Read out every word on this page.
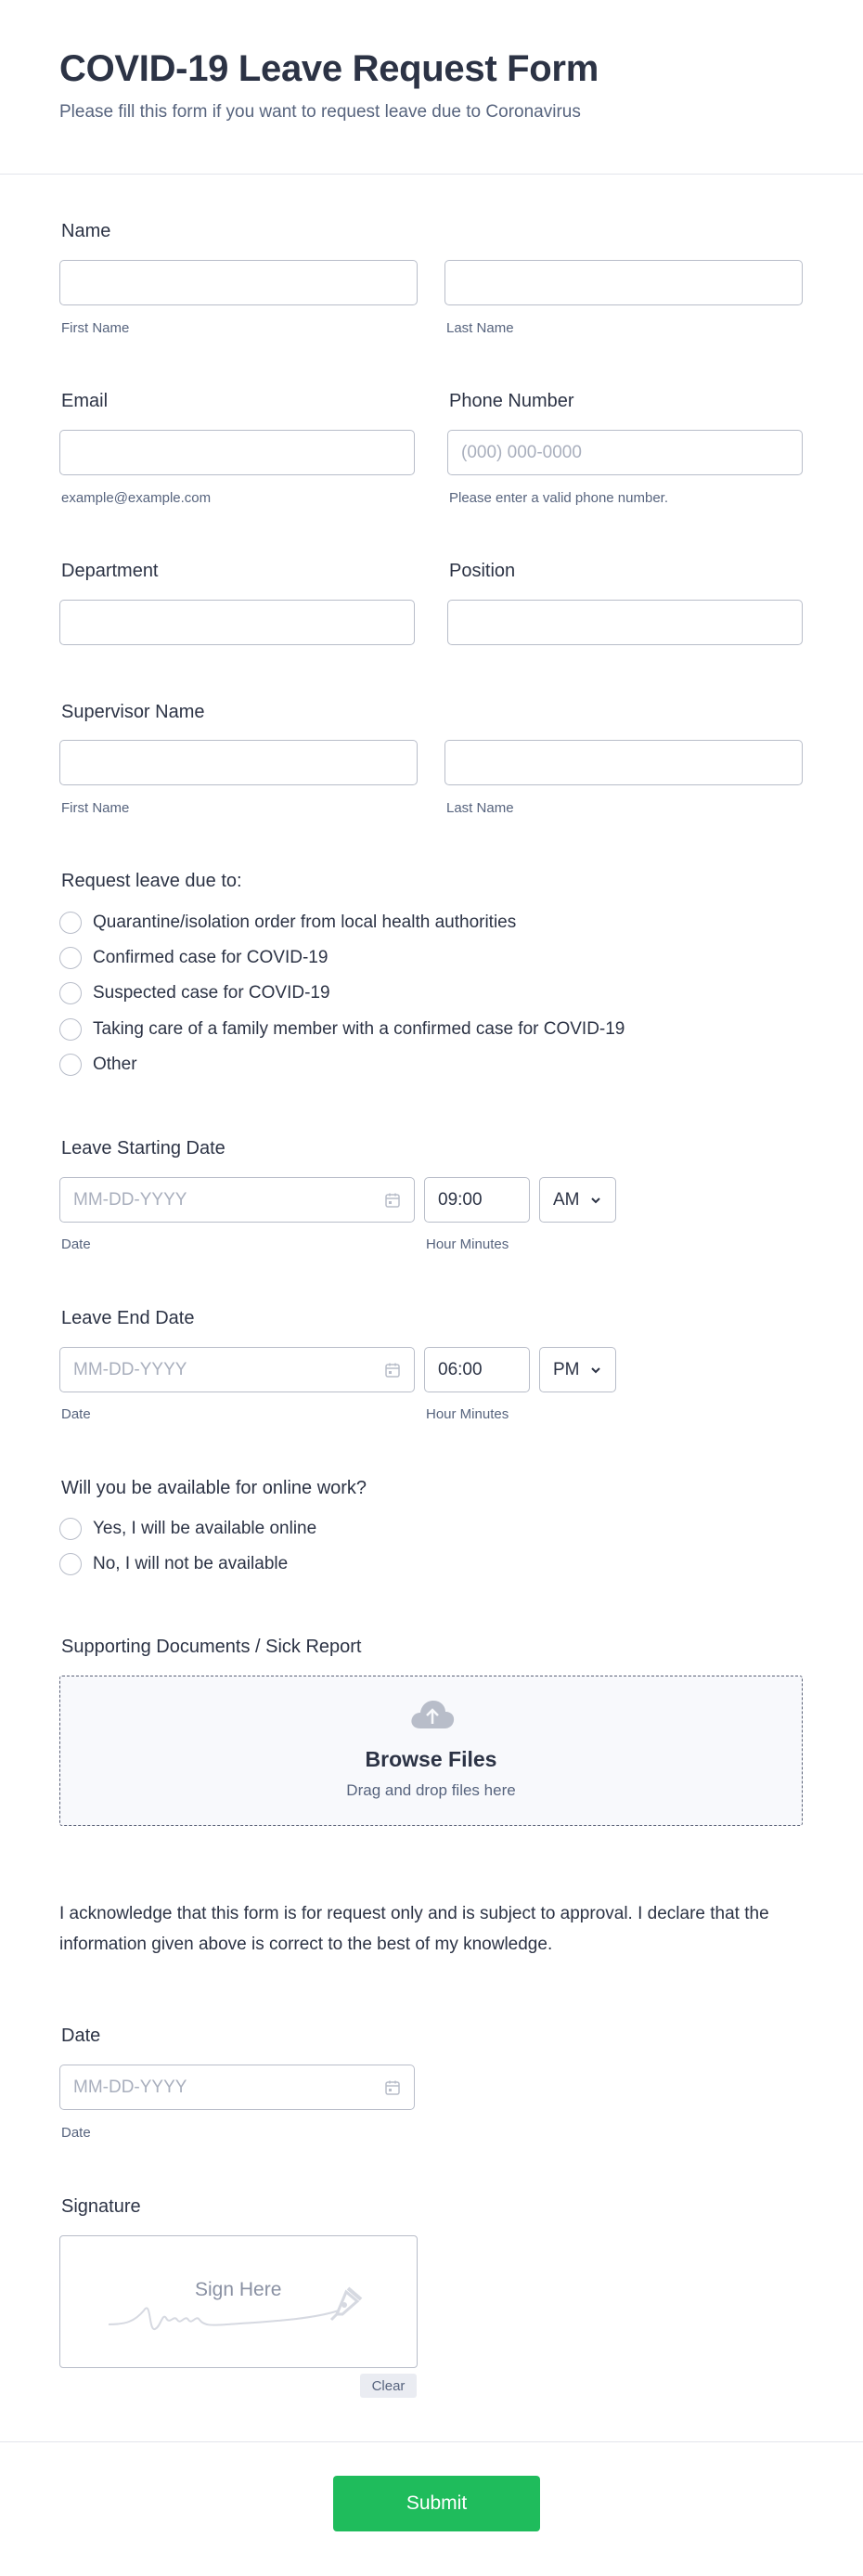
COVID-19 Leave Request Form
Please fill this form if you want to request leave due to Coronavirus
Name
First Name	Last Name
Email
example@example.com
Phone Number
(000) 000-0000
Please enter a valid phone number.
Department	Position
Supervisor Name
First Name	Last Name
Request leave due to:
Quarantine/isolation order from local health authorities
Confirmed case for COVID-19
Suspected case for COVID-19
Taking care of a family member with a confirmed case for COVID-19
Other
Leave Starting Date
MM-DD-YYYY	09:00	AM
Date	Hour Minutes
Leave End Date
MM-DD-YYYY	06:00	PM
Date	Hour Minutes
Will you be available for online work?
Yes, I will be available online
No, I will not be available
Supporting Documents / Sick Report
Browse Files
Drag and drop files here

I acknowledge that this form is for request only and is subject to approval. I declare that the information given above is correct to the best of my knowledge.

Date
MM-DD-YYYY
Date
Signature
Sign Here
Clear
Submit
